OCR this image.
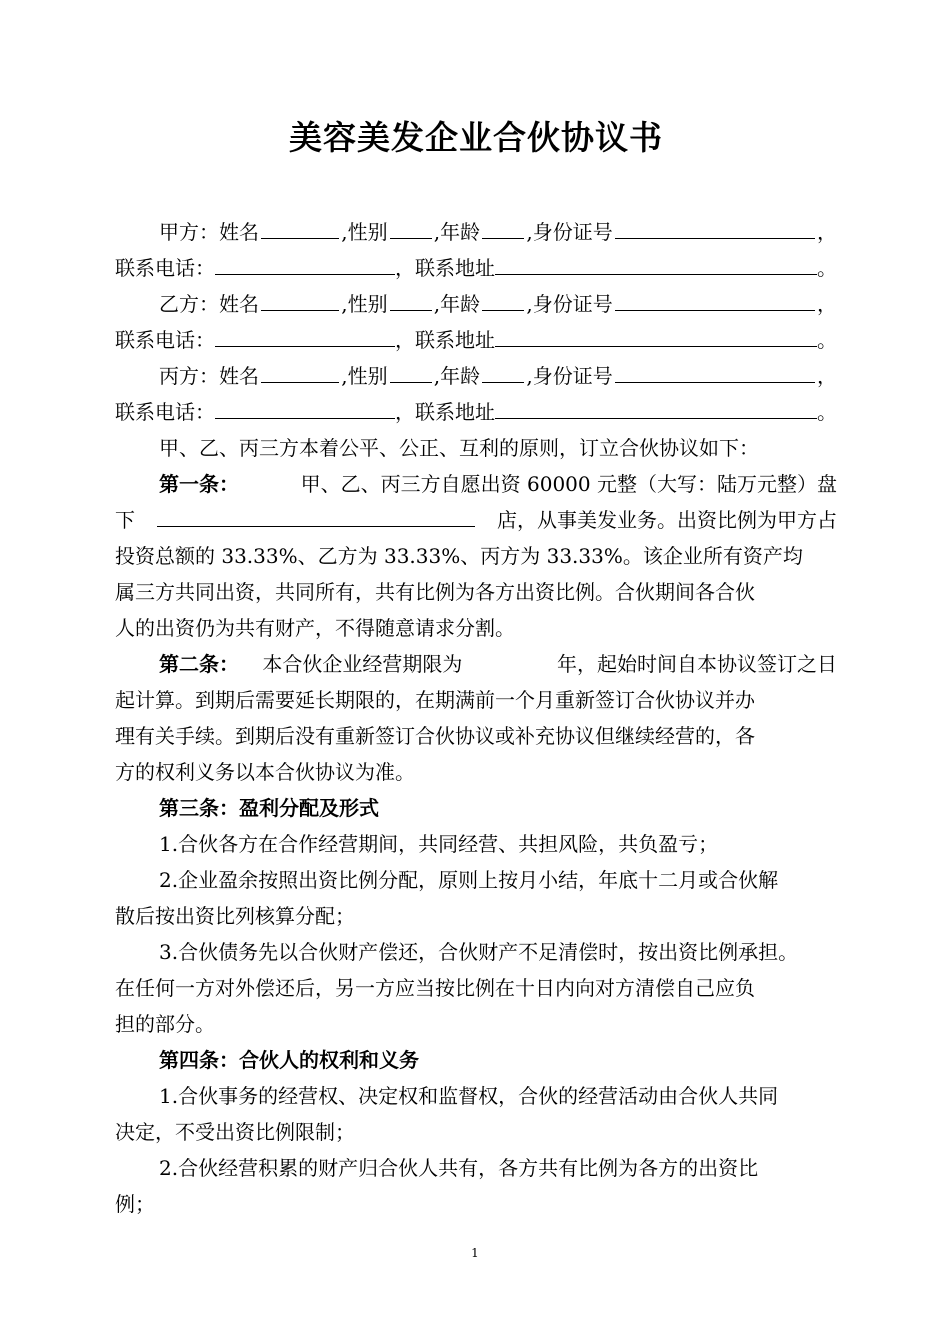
美容美发企业合伙协议书
甲方：姓名	,性别 ,年龄 ,身份证号	，
联系电话：	，联系地址	。
乙方：姓名	,性别 ,年龄 ,身份证号	，
联系电话：	，联系地址	。
丙方：姓名	,性别 ,年龄 ,身份证号	，
联系电话：	，联系地址	。
甲、乙、丙三方本着公平、公正、互利的原则，订立合伙协议如下：
第一条：	甲、乙、丙三方自愿出资 60000 元整（大写：陆万元整）盘
下	店，从事美发业务。出资比例为甲方占
投资总额的 33.33%、乙方为 33.33%、丙方为 33.33%。该企业所有资产均
属三方共同出资，共同所有，共有比例为各方出资比例。合伙期间各合伙
人的出资仍为共有财产，不得随意请求分割。
第二条： 本合伙企业经营期限为	年，起始时间自本协议签订之日
起计算。到期后需要延长期限的，在期满前一个月重新签订合伙协议并办
理有关手续。到期后没有重新签订合伙协议或补充协议但继续经营的，各
方的权利义务以本合伙协议为准。
第三条：盈利分配及形式
1.合伙各方在合作经营期间，共同经营、共担风险，共负盈亏；
2.企业盈余按照出资比例分配，原则上按月小结，年底十二月或合伙解
散后按出资比列核算分配；
3.合伙债务先以合伙财产偿还，合伙财产不足清偿时，按出资比例承担。
在任何一方对外偿还后，另一方应当按比例在十日内向对方清偿自己应负
担的部分。
第四条：合伙人的权利和义务
1.合伙事务的经营权、决定权和监督权，合伙的经营活动由合伙人共同
决定，不受出资比例限制；
2.合伙经营积累的财产归合伙人共有，各方共有比例为各方的出资比
例；
1
